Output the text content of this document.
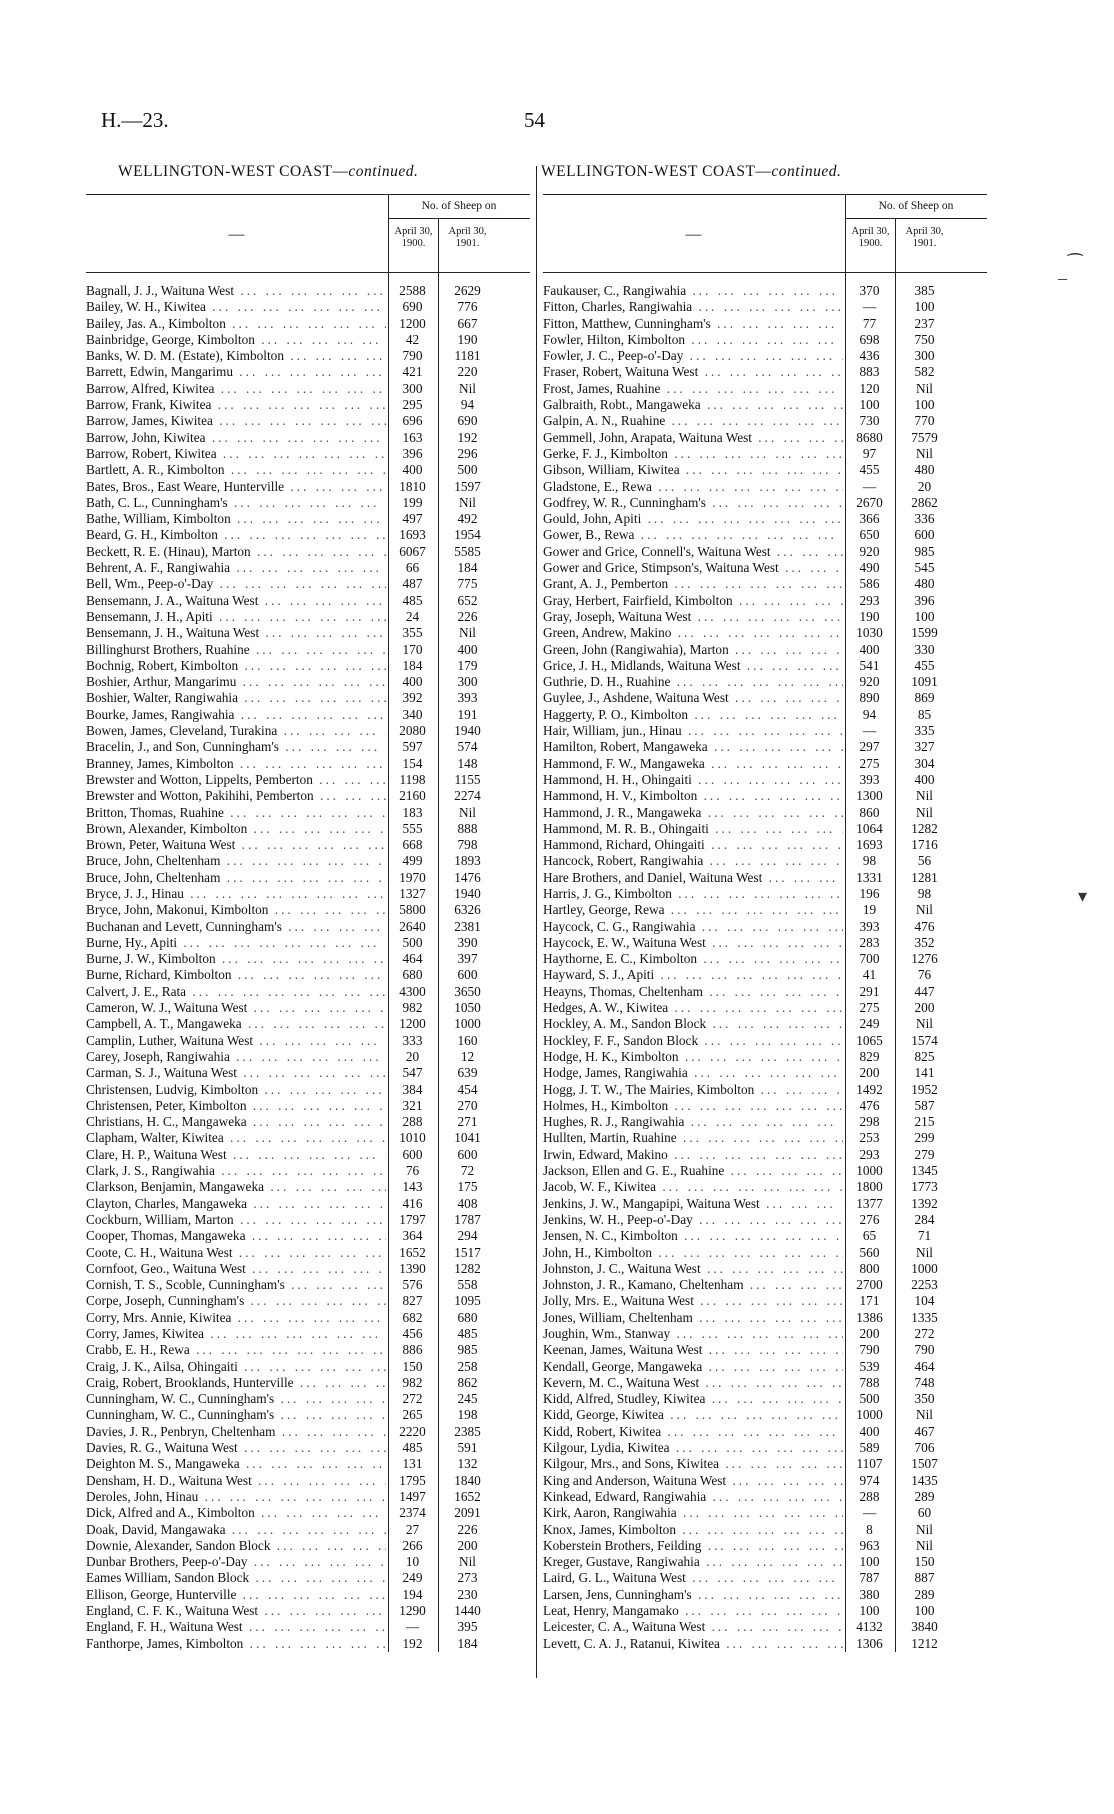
H.—23.	54
WELLINGTON-WEST COAST—continued.	WELLINGTON-WEST COAST—continued.
—
No. of Sheep on
April 30, 1900.
April 30, 1901.
Bagnall, J. J., Waituna West ... .	2588	2629
Bailey, W. H., Kiwitea ... .	690	776
Bailey, Jas. A., Kimbolton ... .	1200	667
Bainbridge, George, Kimbolton ... .	42	190
Banks, W. D. M. (Estate), Kimbolton ... .	790	1181
Barrett, Edwin, Mangarimu ... .	421	220
Barrow, Alfred, Kiwitea ... .	300	Nil
Barrow, Frank, Kiwitea ... .	295	94
Barrow, James, Kiwitea ... .	696	690
Barrow, John, Kiwitea ... .	163	192
Barrow, Robert, Kiwitea ... .	396	296
Bartlett, A. R., Kimbolton ... .	400	500
Bates, Bros., East Weare, Hunterville ... .	1810	1597
Bath, C. L., Cunningham's ... .	199	Nil
Bathe, William, Kimbolton ... .	497	492
Beard, G. H., Kimbolton ... .	1693	1954
Beckett, R. E. (Hinau), Marton ... .	6067	5585
Behrent, A. F., Rangiwahia ... .	66	184
Bell, Wm., Peep-o'-Day ... .	487	775
Bensemann, J. A., Waituna West ... .	485	652
Bensemann, J. H., Apiti ... .	24	226
Bensemann, J. H., Waituna West ... .	355	Nil
Billinghurst Brothers, Ruahine ... .	170	400
Bochnig, Robert, Kimbolton ... .	184	179
Boshier, Arthur, Mangarimu ... .	400	300
Boshier, Walter, Rangiwahia ... .	392	393
Bourke, James, Rangiwahia ... .	340	191
Bowen, James, Cleveland, Turakina ... .	2080	1940
Bracelin, J., and Son, Cunningham's ... .	597	574
Branney, James, Kimbolton ... .	154	148
Brewster and Wotton, Lippelts, Pemberton ... .	1198	1155
Brewster and Wotton, Pakihihi, Pemberton ... .	2160	2274
Britton, Thomas, Ruahine ... .	183	Nil
Brown, Alexander, Kimbolton ... .	555	888
Brown, Peter, Waituna West ... .	668	798
Bruce, John, Cheltenham ... .	499	1893
Bruce, John, Cheltenham ... .	1970	1476
Bryce, J. J., Hinau ... .	1327	1940
Bryce, John, Makonui, Kimbolton ... .	5800	6326
Buchanan and Levett, Cunningham's ... .	2640	2381
Burne, Hy., Apiti ... .	500	390
Burne, J. W., Kimbolton ... .	464	397
Burne, Richard, Kimbolton ... .	680	600
Calvert, J. E., Rata ... .	4300	3650
Cameron, W. J., Waituna West ... .	982	1050
Campbell, A. T., Mangaweka ... .	1200	1000
Camplin, Luther, Waituna West ... .	333	160
Carey, Joseph, Rangiwahia ... .	20	12
Carman, S. J., Waituna West ... .	547	639
Christensen, Ludvig, Kimbolton ... .	384	454
Christensen, Peter, Kimbolton ... .	321	270
Christians, H. C., Mangaweka ... .	288	271
Clapham, Walter, Kiwitea ... .	1010	1041
Clare, H. P., Waituna West ... .	600	600
Clark, J. S., Rangiwahia ... .	76	72
Clarkson, Benjamin, Mangaweka ... .	143	175
Clayton, Charles, Mangaweka ... .	416	408
Cockburn, William, Marton ... .	1797	1787
Cooper, Thomas, Mangaweka ... .	364	294
Coote, C. H., Waituna West ... .	1652	1517
Cornfoot, Geo., Waituna West ... .	1390	1282
Cornish, T. S., Scoble, Cunningham's ... .	576	558
Corpe, Joseph, Cunningham's ... .	827	1095
Corry, Mrs. Annie, Kiwitea ... .	682	680
Corry, James, Kiwitea ... .	456	485
Crabb, E. H., Rewa ... .	886	985
Craig, J. K., Ailsa, Ohingaiti ... .	150	258
Craig, Robert, Brooklands, Hunterville ... .	982	862
Cunningham, W. C., Cunningham's ... .	272	245
Cunningham, W. C., Cunningham's ... .	265	198
Davies, J. R., Penbryn, Cheltenham ... .	2220	2385
Davies, R. G., Waituna West ... .	485	591
Deighton M. S., Mangaweka ... .	131	132
Densham, H. D., Waituna West ... .	1795	1840
Deroles, John, Hinau ... .	1497	1652
Dick, Alfred and A., Kimbolton ... .	2374	2091
Doak, David, Mangawaka ... .	27	226
Downie, Alexander, Sandon Block ... .	266	200
Dunbar Brothers, Peep-o'-Day ... .	10	Nil
Eames William, Sandon Block ... .	249	273
Ellison, George, Hunterville ... .	194	230
England, C. F. K., Waituna West ... .	1290	1440
England, F. H., Waituna West ... .	—	395
Fanthorpe, James, Kimbolton ... .	192	184
—
No. of Sheep on
April 30, 1900.
April 30, 1901.
Faukauser, C., Rangiwahia ... .	370	385
Fitton, Charles, Rangiwahia ... .	—	100
Fitton, Matthew, Cunningham's ... .	77	237
Fowler, Hilton, Kimbolton ... .	698	750
Fowler, J. C., Peep-o'-Day ... .	436	300
Fraser, Robert, Waituna West ... .	883	582
Frost, James, Ruahine ... .	120	Nil
Galbraith, Robt., Mangaweka ... .	100	100
Galpin, A. N., Ruahine ... .	730	770
Gemmell, John, Arapata, Waituna West ... .	8680	7579
Gerke, F. J., Kimbolton ... .	97	Nil
Gibson, William, Kiwitea ... .	455	480
Gladstone, E., Rewa ... .	—	20
Godfrey, W. R., Cunningham's ... .	2670	2862
Gould, John, Apiti ... .	366	336
Gower, B., Rewa ... .	650	600
Gower and Grice, Connell's, Waituna West ... .	920	985
Gower and Grice, Stimpson's, Waituna West ... .	490	545
Grant, A. J., Pemberton ... .	586	480
Gray, Herbert, Fairfield, Kimbolton ... .	293	396
Gray, Joseph, Waituna West ... .	190	100
Green, Andrew, Makino ... .	1030	1599
Green, John (Rangiwahia), Marton ... .	400	330
Grice, J. H., Midlands, Waituna West ... .	541	455
Guthrie, D. H., Ruahine ... .	920	1091
Guylee, J., Ashdene, Waituna West ... .	890	869
Haggerty, P. O., Kimbolton ... .	94	85
Hair, William, jun., Hinau ... .	—	335
Hamilton, Robert, Mangaweka ... .	297	327
Hammond, F. W., Mangaweka ... .	275	304
Hammond, H. H., Ohingaiti ... .	393	400
Hammond, H. V., Kimbolton ... .	1300	Nil
Hammond, J. R., Mangaweka ... .	860	Nil
Hammond, M. R. B., Ohingaiti ... .	1064	1282
Hammond, Richard, Ohingaiti ... .	1693	1716
Hancock, Robert, Rangiwahia ... .	98	56
Hare Brothers, and Daniel, Waituna West ... .	1331	1281
Harris, J. G., Kimbolton ... .	196	98
Hartley, George, Rewa ... .	19	Nil
Haycock, C. G., Rangiwahia ... .	393	476
Haycock, E. W., Waituna West ... .	283	352
Haythorne, E. C., Kimbolton ... .	700	1276
Hayward, S. J., Apiti ... .	41	76
Heayns, Thomas, Cheltenham ... .	291	447
Hedges, A. W., Kiwitea ... .	275	200
Hockley, A. M., Sandon Block ... .	249	Nil
Hockley, F. F., Sandon Block ... .	1065	1574
Hodge, H. K., Kimbolton ... .	829	825
Hodge, James, Rangiwahia ... .	200	141
Hogg, J. T. W., The Mairies, Kimbolton ... .	1492	1952
Holmes, H., Kimbolton ... .	476	587
Hughes, R. J., Rangiwahia ... .	298	215
Hullten, Martin, Ruahine ... .	253	299
Irwin, Edward, Makino ... .	293	279
Jackson, Ellen and G. E., Ruahine ... .	1000	1345
Jacob, W. F., Kiwitea ... .	1800	1773
Jenkins, J. W., Mangapipi, Waituna West ... .	1377	1392
Jenkins, W. H., Peep-o'-Day ... .	276	284
Jensen, N. C., Kimbolton ... .	65	71
John, H., Kimbolton ... .	560	Nil
Johnston, J. C., Waituna West ... .	800	1000
Johnston, J. R., Kamano, Cheltenham ... .	2700	2253
Jolly, Mrs. E., Waituna West ... .	171	104
Jones, William, Cheltenham ... .	1386	1335
Joughin, Wm., Stanway ... .	200	272
Keenan, James, Waituna West ... .	790	790
Kendall, George, Mangaweka ... .	539	464
Kevern, M. C., Waituna West ... .	788	748
Kidd, Alfred, Studley, Kiwitea ... .	500	350
Kidd, George, Kiwitea ... .	1000	Nil
Kidd, Robert, Kiwitea ... .	400	467
Kilgour, Lydia, Kiwitea ... .	589	706
Kilgour, Mrs., and Sons, Kiwitea ... .	1107	1507
King and Anderson, Waituna West ... .	974	1435
Kinkead, Edward, Rangiwahia ... .	288	289
Kirk, Aaron, Rangiwahia ... .	—	60
Knox, James, Kimbolton ... .	8	Nil
Koberstein Brothers, Feilding ... .	963	Nil
Kreger, Gustave, Rangiwahia ... .	100	150
Laird, G. L., Waituna West ... .	787	887
Larsen, Jens, Cunningham's ... .	380	289
Leat, Henry, Mangamako ... .	100	100
Leicester, C. A., Waituna West ... .	4132	3840
Levett, C. A. J., Ratanui, Kiwitea ... .	1306	1212
⁀
–
▾
